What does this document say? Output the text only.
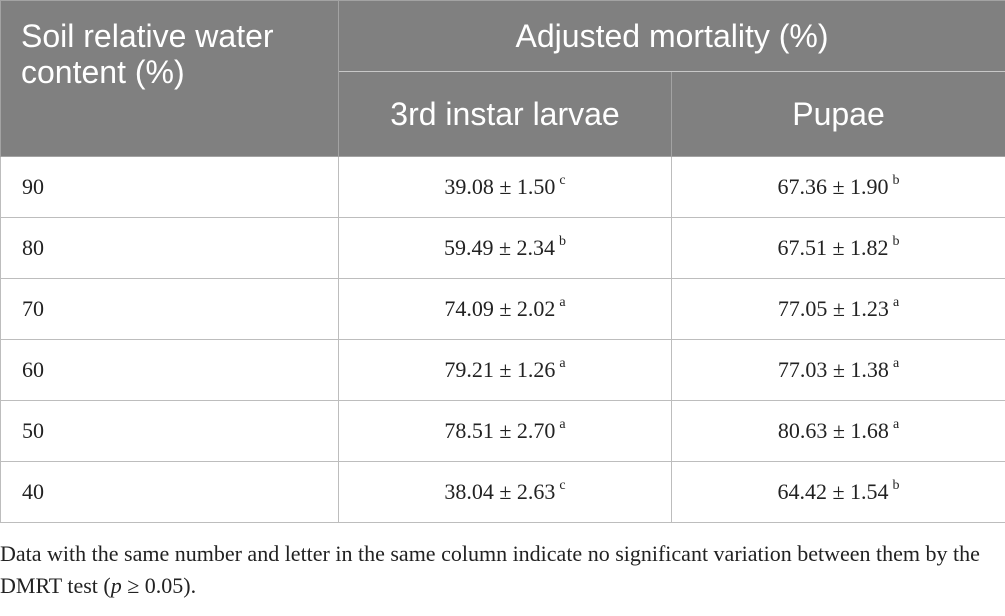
Soil relative water content (%)	Adjusted mortality (%)	
	3rd instar larvae	Pupae
90	39.08 ± 1.50 $^c$	67.36 ± 1.90 $^b$
80	59.49 ± 2.34 $^b$	67.51 ± 1.82 $^b$
70	74.09 ± 2.02 $^a$	77.05 ± 1.23 $^a$
60	79.21 ± 1.26 $^a$	77.03 ± 1.38 $^a$
50	78.51 ± 2.70 $^a$	80.63 ± 1.68 $^a$
40	38.04 ± 2.63 $^c$	64.42 ± 1.54 $^b$
Data with the same number and letter in the same column indicate no significant variation between them by the DMRT test (p ≥ 0.05).
